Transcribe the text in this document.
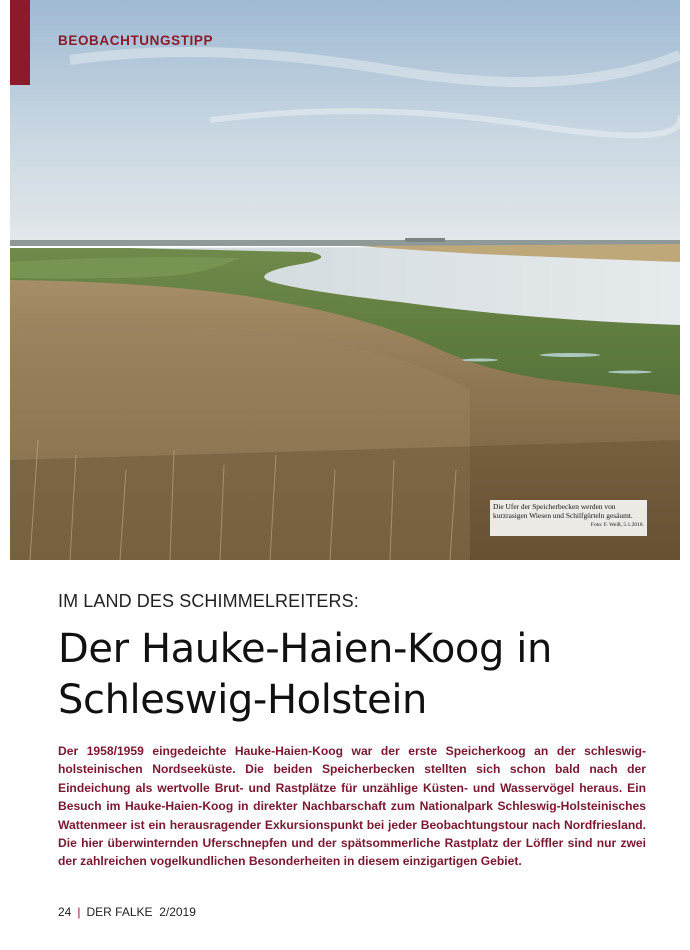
BEOBACHTUNGSTIPP
Die Ufer der Speicherbecken werden von kurzrasigen Wiesen und Schilfgürteln gesäumt.
Foto: F. Weiß, 5.1.2018.
IM LAND DES SCHIMMELREITERS:
Der Hauke-Haien-Koog in
Schleswig-Holstein
Der 1958/1959 eingedeichte Hauke-Haien-Koog war der erste Speicherkoog an der schleswig-holsteinischen Nordseeküste. Die beiden Speicherbecken stellten sich schon bald nach der Eindeichung als wertvolle Brut- und Rastplätze für unzählige Küsten- und Wasservögel heraus. Ein Besuch im Hauke-Haien-Koog in direkter Nachbarschaft zum Nationalpark Schleswig-Holsteinisches Wattenmeer ist ein herausragender Exkursionspunkt bei jeder Beobachtungstour nach Nordfriesland. Die hier überwinternden Uferschnepfen und der spätsommerliche Rastplatz der Löffler sind nur zwei der zahlreichen vogelkundlichen Besonderheiten in diesem einzigartigen Gebiet.
24 | DER FALKE 2/2019
